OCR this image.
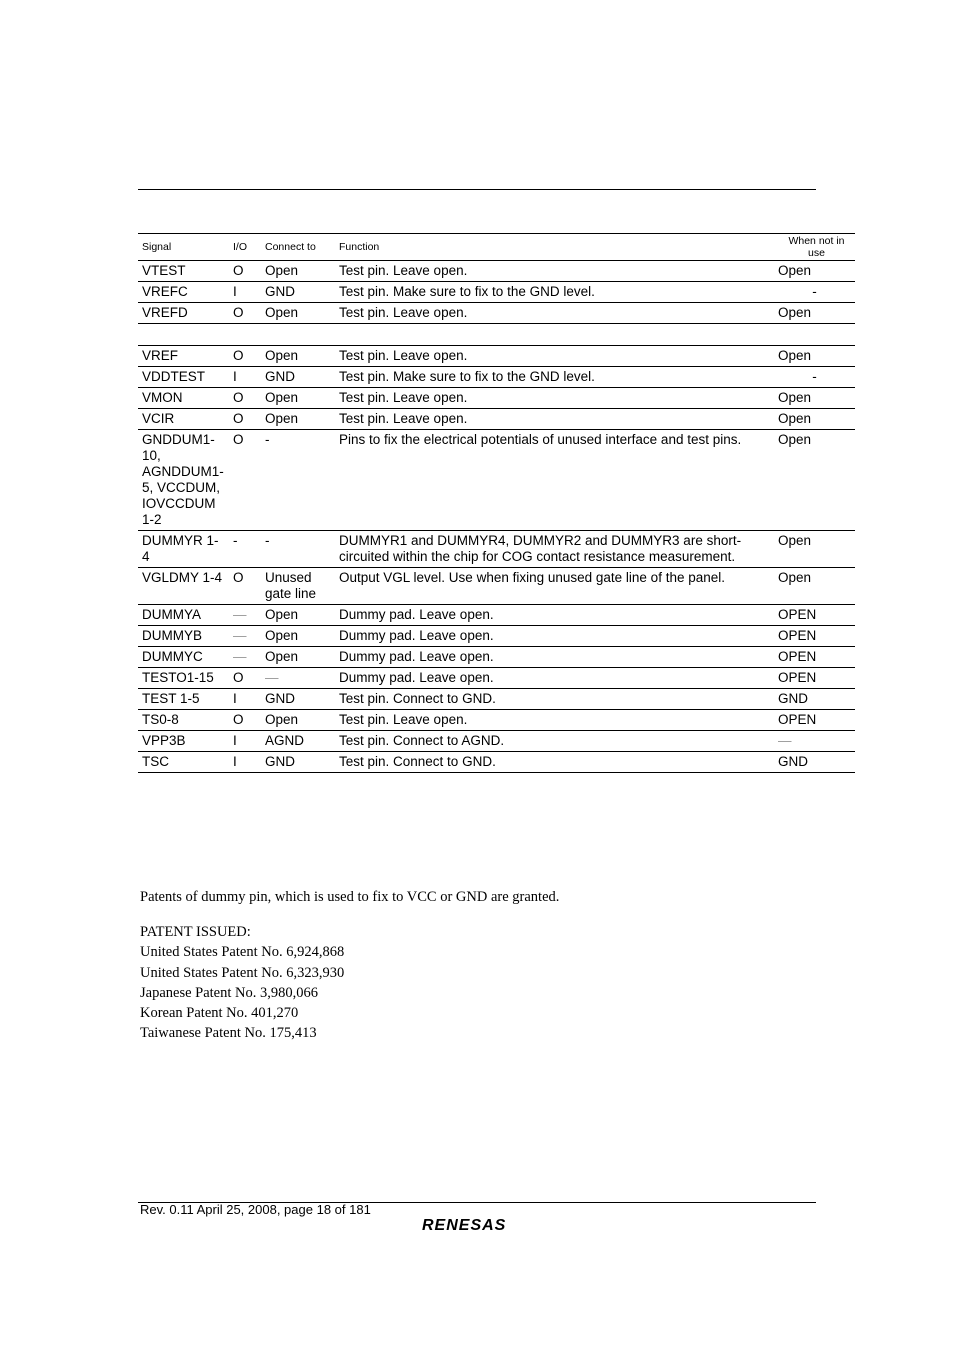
Signal	I/O	Connect to	Function	When not in use
VTEST	O	Open	Test pin. Leave open.	Open
VREFC	I	GND	Test pin. Make sure to fix to the GND level.	-
VREFD	O	Open	Test pin. Leave open.	Open

VREF	O	Open	Test pin. Leave open.	Open
VDDTEST	I	GND	Test pin. Make sure to fix to the GND level.	-
VMON	O	Open	Test pin. Leave open.	Open
VCIR	O	Open	Test pin. Leave open.	Open
GNDDUM1-10, AGNDDUM1-5, VCCDUM, IOVCCDUM 1-2	O	-	Pins to fix the electrical potentials of unused interface and test pins.	Open
DUMMYR 1-4	-	-	DUMMYR1 and DUMMYR4, DUMMYR2 and DUMMYR3 are short-circuited within the chip for COG contact resistance measurement.	Open
VGLDMY 1-4	O	Unused gate line	Output VGL level. Use when fixing unused gate line of the panel.	Open
DUMMYA	—	Open	Dummy pad. Leave open.	OPEN
DUMMYB	—	Open	Dummy pad. Leave open.	OPEN
DUMMYC	—	Open	Dummy pad. Leave open.	OPEN
TESTO1-15	O	—	Dummy pad. Leave open.	OPEN
TEST 1-5	I	GND	Test pin. Connect to GND.	GND
TS0-8	O	Open	Test pin. Leave open.	OPEN
VPP3B	I	AGND	Test pin. Connect to AGND.	—
TSC	I	GND	Test pin. Connect to GND.	GND

Patents of dummy pin, which is used to fix to VCC or GND are granted.

PATENT ISSUED:

United States Patent No. 6,924,868

United States Patent No. 6,323,930

Japanese Patent No. 3,980,066

Korean Patent No. 401,270

Taiwanese Patent No. 175,413

Rev. 0.11 April 25, 2008, page 18 of 181
RENESAS
